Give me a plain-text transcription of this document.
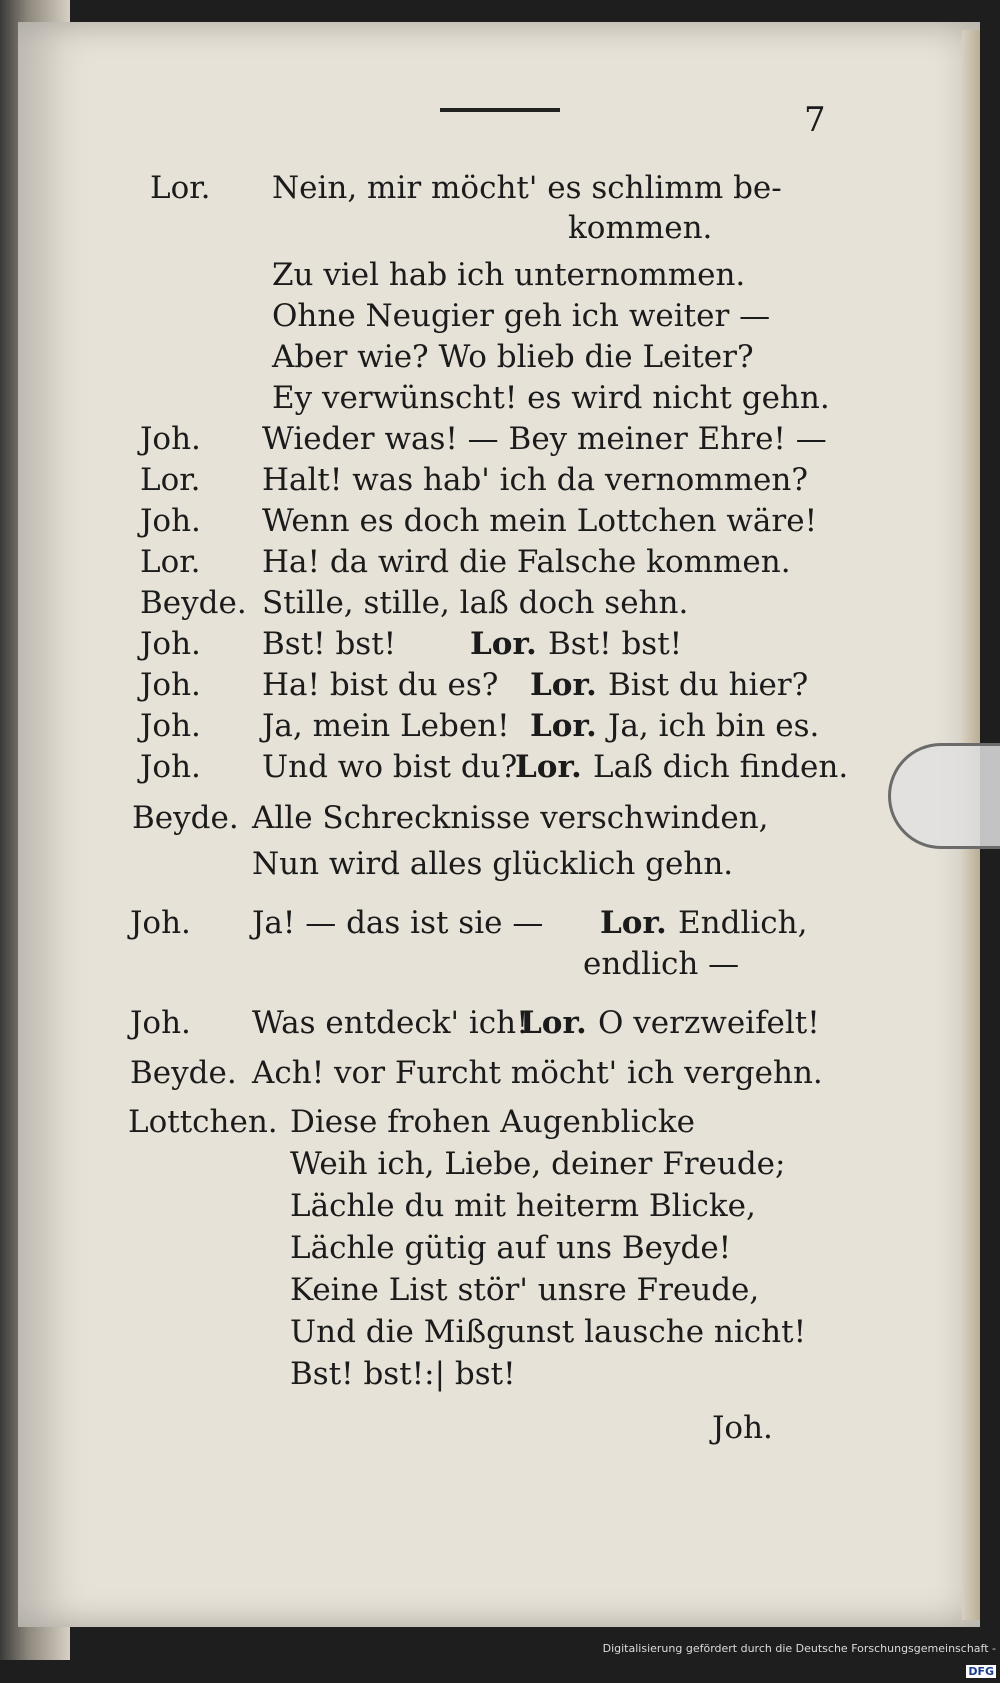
7
Lor. Nein, mir möcht' es schlimm be-
kommen.
Zu viel hab ich unternommen.
Ohne Neugier geh ich weiter —
Aber wie? Wo blieb die Leiter?
Ey verwünscht! es wird nicht gehn.
Joh. Wieder was! — Bey meiner Ehre! —
Lor. Halt! was hab' ich da vernommen?
Joh. Wenn es doch mein Lottchen wäre!
Lor. Ha! da wird die Falsche kommen.
Beyde. Stille, stille, laß doch sehn.
Joh. Bst! bst! Lor. Bst! bst!
Joh. Ha! bist du es? Lor. Bist du hier?
Joh. Ja, mein Leben! Lor. Ja, ich bin es.
Joh. Und wo bist du?
Lor. Laß dich finden.
Beyde. Alle Schrecknisse verschwinden,
Nun wird alles glücklich gehn.
Joh. Ja! — das ist sie — Lor. Endlich,
endlich —
Joh. Was entdeck' ich!
Lor. O verzweifelt!
Beyde. Ach! vor Furcht möcht' ich vergehn.
Lottchen. Diese frohen Augenblicke
Weih ich, Liebe, deiner Freude;
Lächle du mit heiterm Blicke,
Lächle gütig auf uns Beyde!
Keine List stör' unsre Freude,
Und die Mißgunst lausche nicht!
Bst! bst!:| bst!
Joh.
Digitalisierung gefördert durch die Deutsche Forschungsgemeinschaft -DFG
